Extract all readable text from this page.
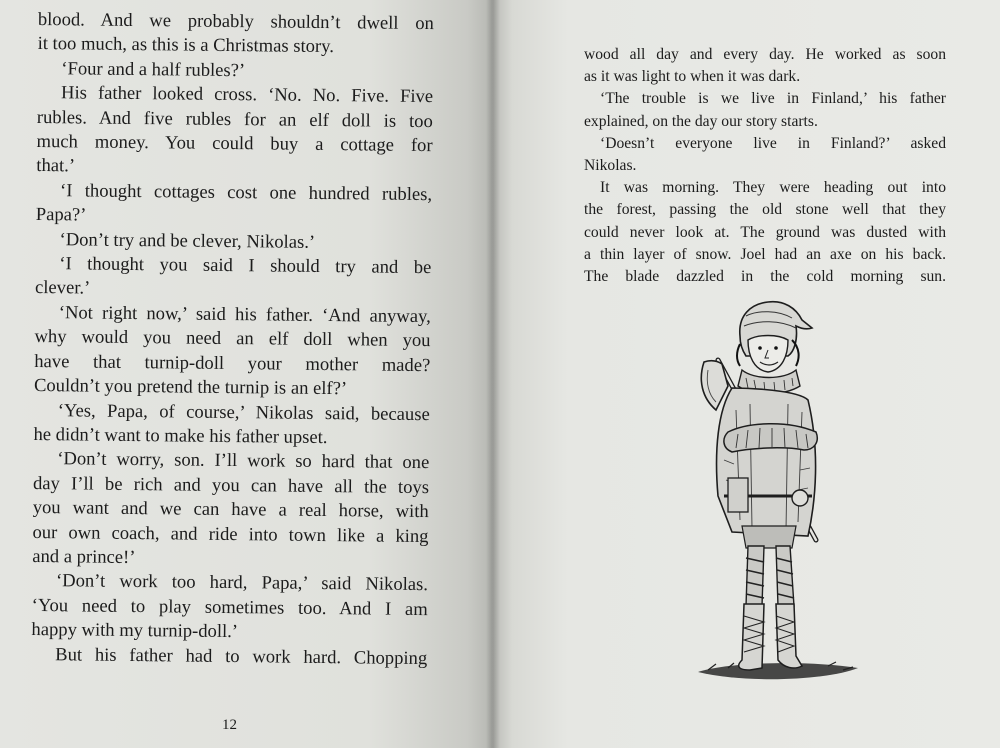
blood. And we probably shouldn’t dwell on
it too much, as this is a Christmas story.
‘Four and a half rubles?’
His father looked cross. ‘No. No. Five. Five
rubles. And five rubles for an elf doll is too
much money. You could buy a cottage for
that.’
‘I thought cottages cost one hundred rubles,
Papa?’
‘Don’t try and be clever, Nikolas.’
‘I thought you said I should try and be
clever.’
‘Not right now,’ said his father. ‘And anyway,
why would you need an elf doll when you
have that turnip-doll your mother made?
Couldn’t you pretend the turnip is an elf?’
‘Yes, Papa, of course,’ Nikolas said, because
he didn’t want to make his father upset.
‘Don’t worry, son. I’ll work so hard that one
day I’ll be rich and you can have all the toys
you want and we can have a real horse, with
our own coach, and ride into town like a king
and a prince!’
‘Don’t work too hard, Papa,’ said Nikolas.
‘You need to play sometimes too. And I am
happy with my turnip-doll.’
But his father had to work hard. Chopping
12
wood all day and every day. He worked as soon
as it was light to when it was dark.
‘The trouble is we live in Finland,’ his father
explained, on the day our story starts.
‘Doesn’t everyone live in Finland?’ asked
Nikolas.
It was morning. They were heading out into
the forest, passing the old stone well that they
could never look at. The ground was dusted with
a thin layer of snow. Joel had an axe on his back.
The blade dazzled in the cold morning sun.
